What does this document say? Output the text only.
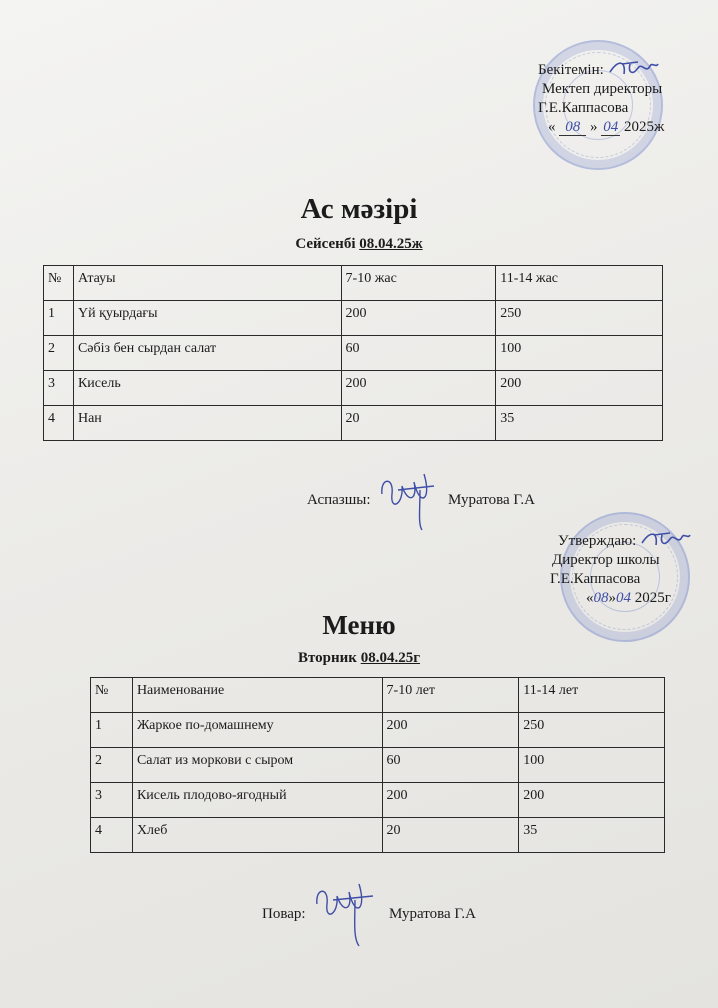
Бекітемін:
Мектеп директоры
Г.Е.Каппасова
« 08 » 04 2025ж
Ас мәзірі
Сейсенбі 08.04.25ж
№	Атауы	7-10 жас	11-14 жас
1	Үй қуырдағы	200	250
2	Сәбіз бен сырдан салат	60	100
3	Кисель	200	200
4	Нан	20	35
Аспазшы:	Муратова Г.А
Утверждаю:
Директор школы
Г.Е.Каппасова
«08»04 2025г
Меню
Вторник 08.04.25г
№	Наименование	7-10 лет	11-14 лет
1	Жаркое по-домашнему	200	250
2	Салат из моркови с сыром	60	100
3	Кисель плодово-ягодный	200	200
4	Хлеб	20	35
Повар:	Муратова Г.А
